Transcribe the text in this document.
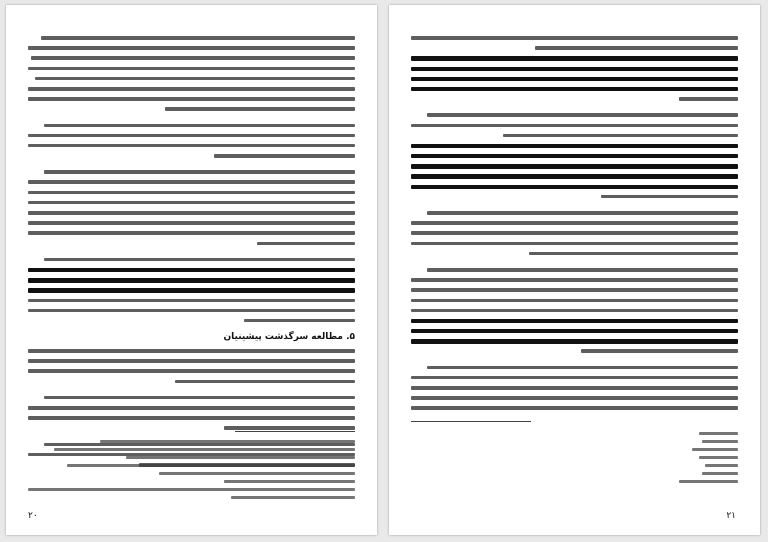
۵. مطالعه سرگذشت پیشینیان
۲۰	۲۱
